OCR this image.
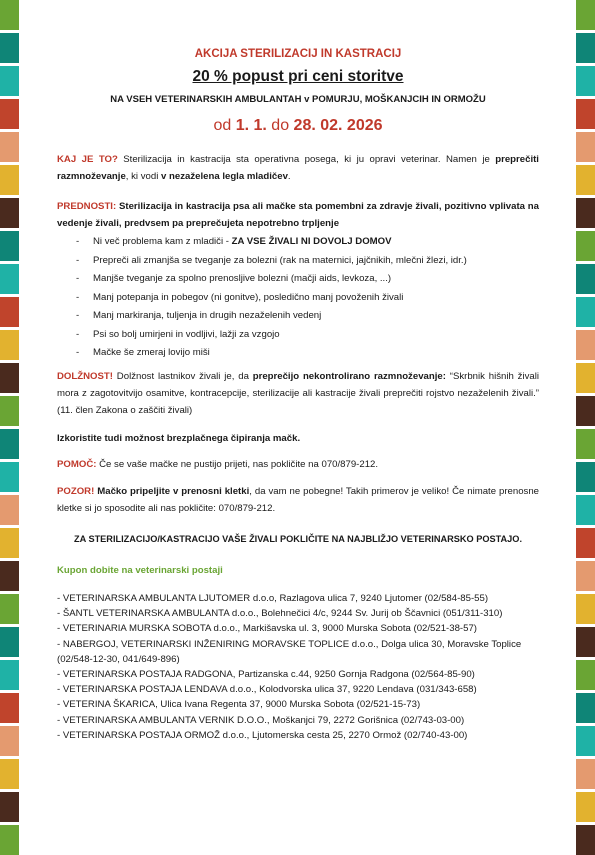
AKCIJA STERILIZACIJ IN KASTRACIJ
20 % popust pri ceni storitve
NA VSEH VETERINARSKIH AMBULANTAH v POMURJU, MOŠKANJCIH IN ORMOŽU
od 1. 1. do 28. 02. 2026
KAJ JE TO? Sterilizacija in kastracija sta operativna posega, ki ju opravi veterinar. Namen je preprečiti razmnoževanje, ki vodi v nezaželena legla mladičev.
PREDNOSTI: Sterilizacija in kastracija psa ali mačke sta pomembni za zdravje živali, pozitivno vplivata na vedenje živali, predvsem pa preprečujeta nepotrebno trpljenje
- Ni več problema kam z mladiči - ZA VSE ŽIVALI NI DOVOLJ DOMOV
- Prepreči ali zmanjša se tveganje za bolezni (rak na maternici, jajčnikih, mlečni žlezi, idr.)
- Manjše tveganje za spolno prenosljive bolezni (mačji aids, levkoza, ...)
- Manj potepanja in pobegov (ni gonitve), posledično manj povoženih živali
- Manj markiranja, tuljenja in drugih nezaželenih vedenj
- Psi so bolj umirjeni in vodljivi, lažji za vzgojo
- Mačke še zmeraj lovijo miši
DOLŽNOST! Dolžnost lastnikov živali je, da preprečijo nekontrolirano razmnoževanje: “Skrbnik hišnih živali mora z zagotovitvijo osamitve, kontracepcije, sterilizacije ali kastracije živali preprečiti rojstvo nezaželenih živali.” (11. člen Zakona o zaščiti živali)
Izkoristite tudi možnost brezplačnega čipiranja mačk.
POMOČ: Če se vaše mačke ne pustijo prijeti, nas pokličite na 070/879-212.
POZOR! Mačko pripeljite v prenosni kletki, da vam ne pobegne! Takih primerov je veliko! Če nimate prenosne kletke si jo sposodite ali nas pokličite: 070/879-212.
ZA STERILIZACIJO/KASTRACIJO VAŠE ŽIVALI POKLIČITE NA NAJBLIŽJO VETERINARSKO POSTAJO.
Kupon dobite na veterinarski postaji
- VETERINARSKA AMBULANTA LJUTOMER d.o.o, Razlagova ulica 7, 9240 Ljutomer (02/584-85-55)
- ŠANTL VETERINARSKA AMBULANTA d.o.o., Bolehnečici 4/c, 9244 Sv. Jurij ob Ščavnici (051/311-310)
- VETERINARIA MURSKA SOBOTA d.o.o., Markišavska ul. 3, 9000 Murska Sobota (02/521-38-57)
- NABERGOJ, VETERINARSKI INŽENIRING MORAVSKE TOPLICE d.o.o., Dolga ulica 30, Moravske Toplice (02/548-12-30, 041/649-896)
- VETERINARSKA POSTAJA RADGONA, Partizanska c.44, 9250 Gornja Radgona (02/564-85-90)
- VETERINARSKA POSTAJA LENDAVA d.o.o., Kolodvorska ulica 37, 9220 Lendava (031/343-658)
- VETERINA ŠKARICA, Ulica Ivana Regenta 37, 9000 Murska Sobota (02/521-15-73)
- VETERINARSKA AMBULANTA VERNIK D.O.O., Moškanjci 79, 2272 Gorišnica (02/743-03-00)
- VETERINARSKA POSTAJA ORMOŽ d.o.o., Ljutomerska cesta 25, 2270 Ormož (02/740-43-00)
